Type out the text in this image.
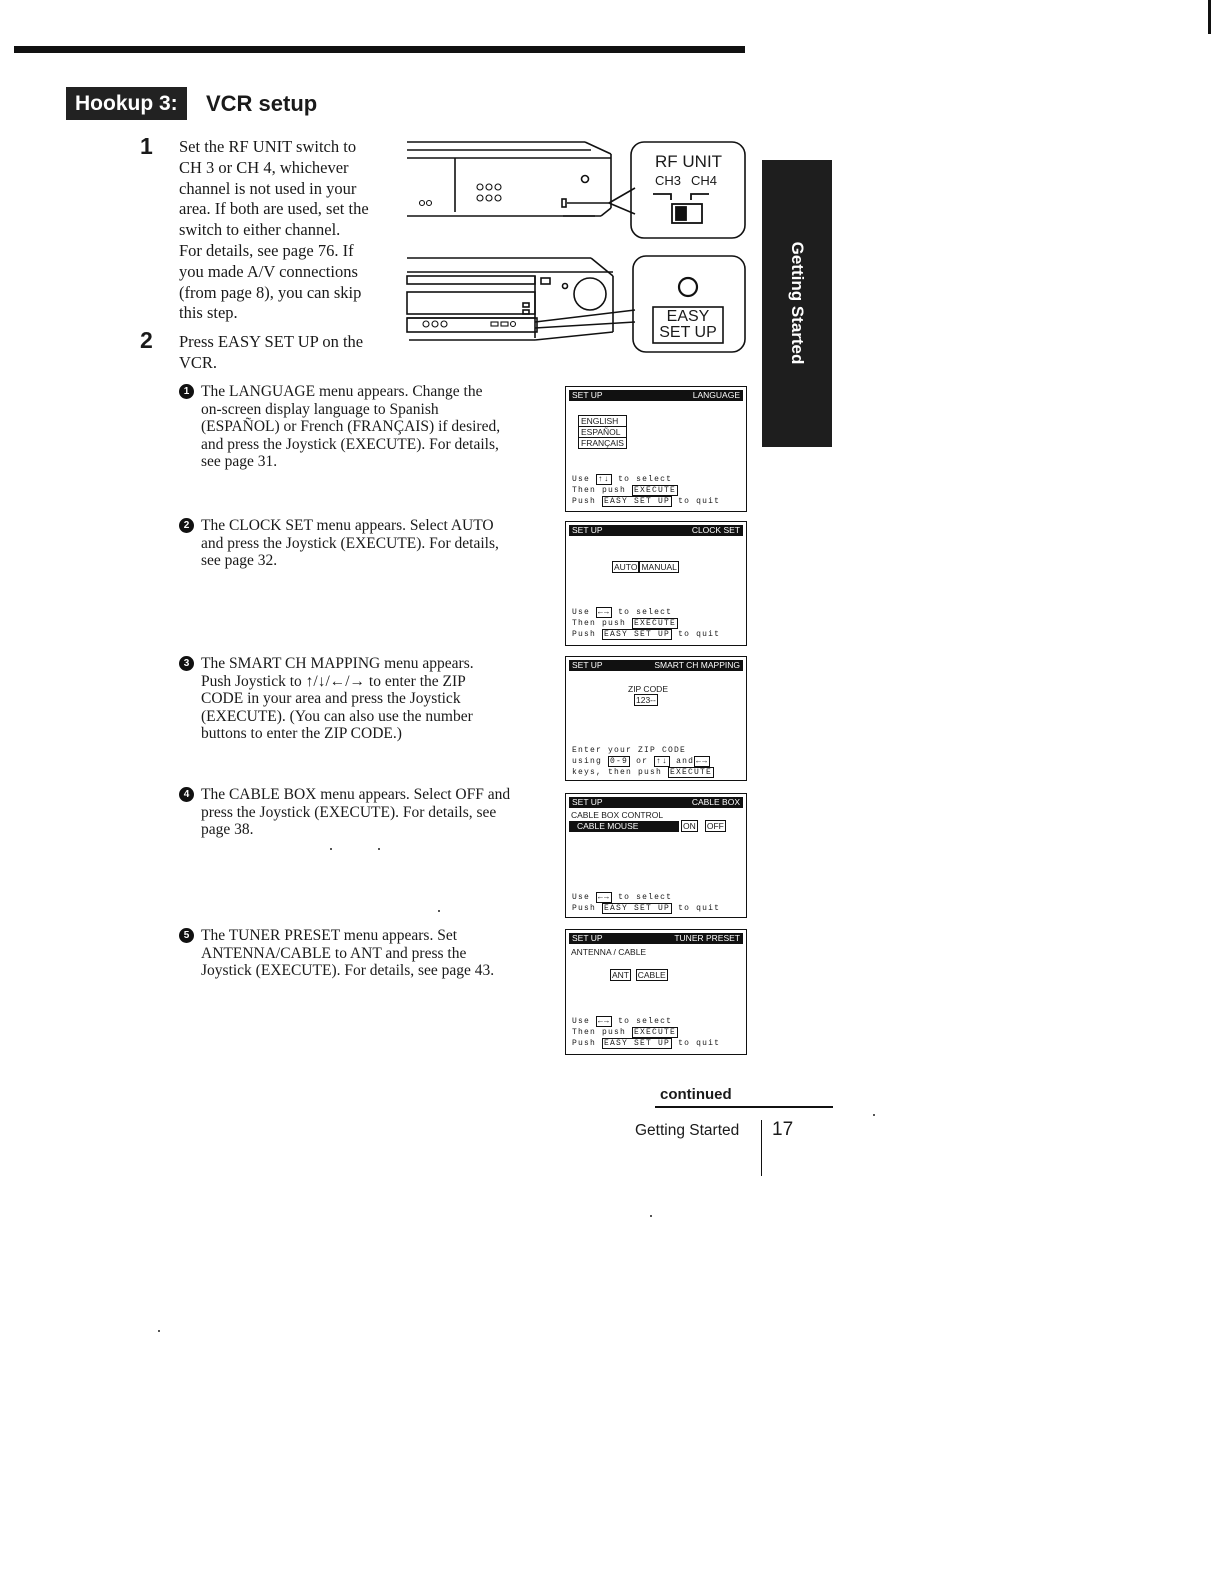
Hookup 3:	VCR setup
1 Set the RF UNIT switch to
CH 3 or CH 4, whichever
channel is not used in your
area. If both are used, set the
switch to either channel.
For details, see page 76. If
you made A/V connections
(from page 8), you can skip
this step.
2 Press EASY SET UP on the
VCR.
RF UNIT
CH3 CH4
EASY
SET UP	Getting Started
1 The LANGUAGE menu appears. Change the
on-screen display language to Spanish
(ESPAÑOL) or French (FRANÇAIS) if desired,
and press the Joystick (EXECUTE). For details,
see page 31.
2 The CLOCK SET menu appears. Select AUTO
and press the Joystick (EXECUTE). For details,
see page 32.
3 The SMART CH MAPPING menu appears.
Push Joystick to ↑/↓/←/→ to enter the ZIP
CODE in your area and press the Joystick
(EXECUTE). (You can also use the number
buttons to enter the ZIP CODE.)
4 The CABLE BOX menu appears. Select OFF and
press the Joystick (EXECUTE). For details, see
page 38.
5 The TUNER PRESET menu appears. Set
ANTENNA/CABLE to ANT and press the
Joystick (EXECUTE). For details, see page 43.
SET UP	LANGUAGE
ENGLISH
ESPAÑOL
FRANÇAIS
Use ↑↓ to select
Then push EXECUTE
Push EASY SET UP to quit
SET UP	CLOCK SET
AUTO MANUAL
Use ←→ to select
Then push EXECUTE
Push EASY SET UP to quit
SET UP	SMART CH MAPPING
ZIP CODE
123--
Enter your ZIP CODE
using 0-9 or ↑↓ and ←→
keys, then push EXECUTE
SET UP	CABLE BOX
CABLE BOX CONTROL
CABLE MOUSE	ON OFF
Use ←→ to select
Push EASY SET UP to quit
SET UP	TUNER PRESET
ANTENNA / CABLE
ANT CABLE
Use ←→ to select
Then push EXECUTE
Push EASY SET UP to quit
continued
Getting Started 17
